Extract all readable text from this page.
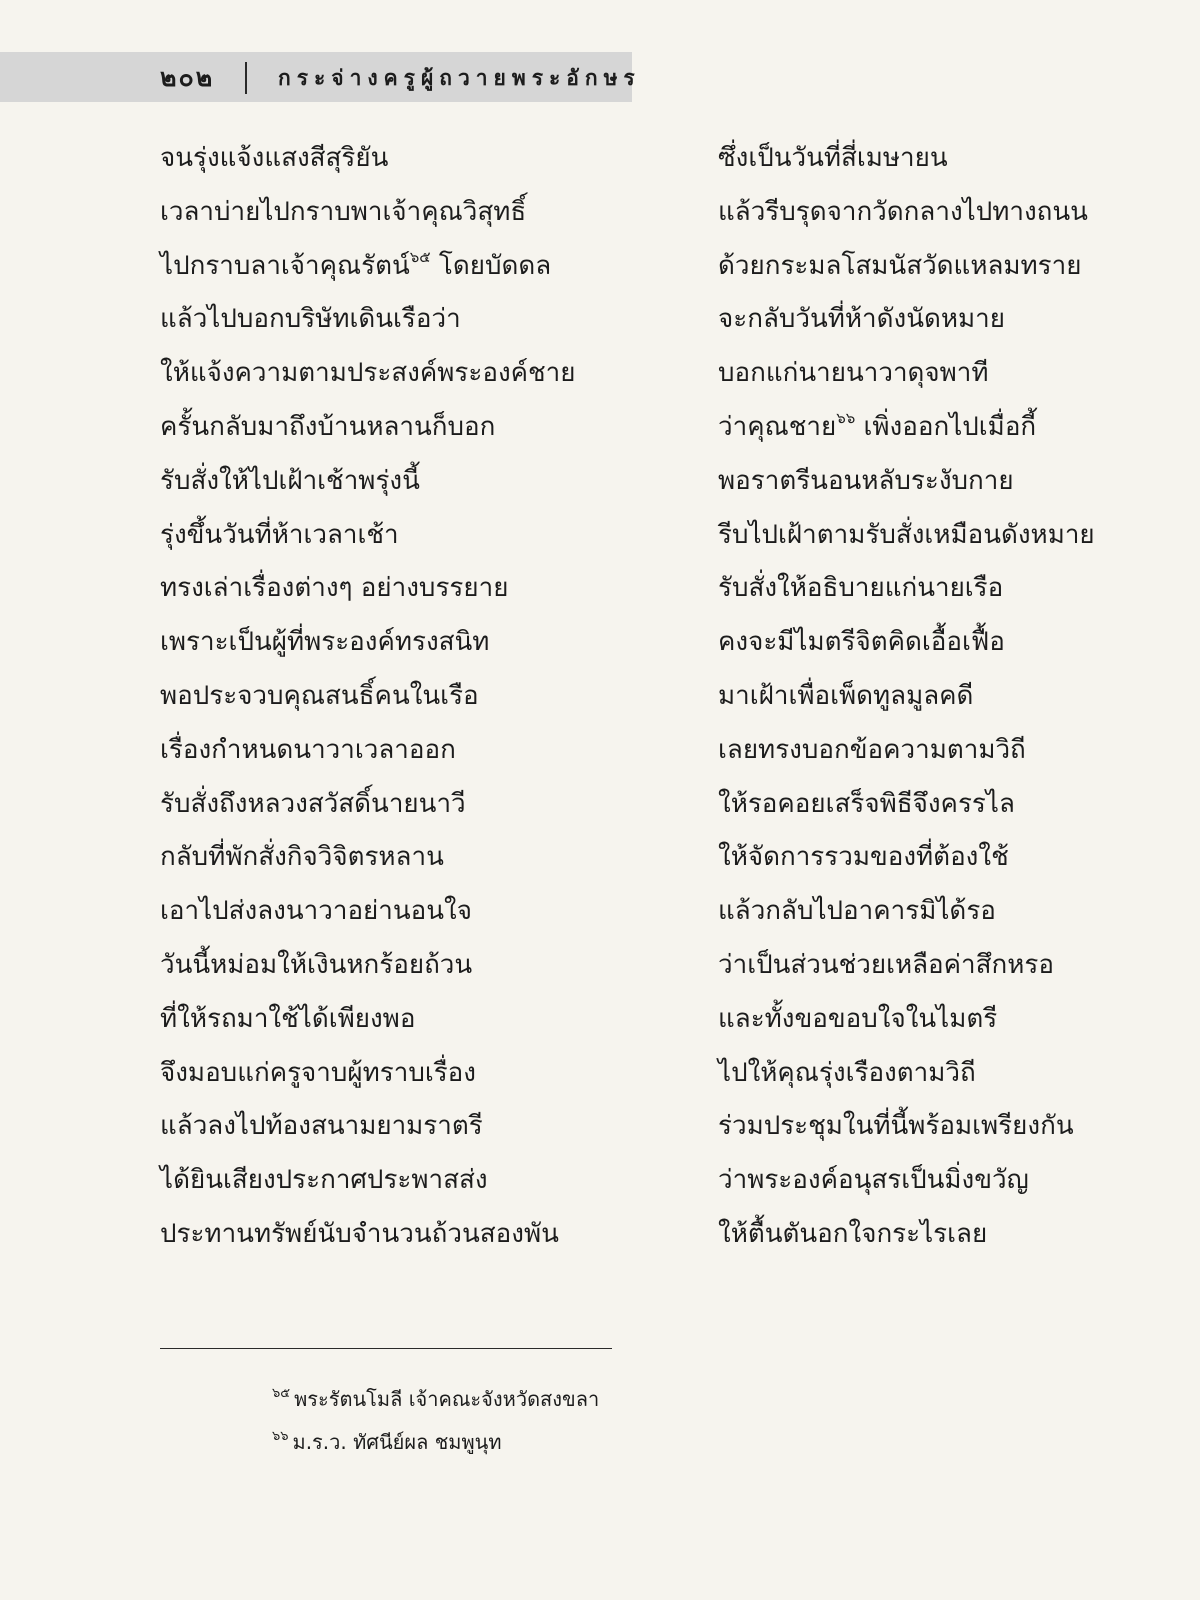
๒๐๒	กระจ่างครูผู้ถวายพระอักษร
จนรุ่งแจ้งแสงสีสุริยัน
เวลาบ่ายไปกราบพาเจ้าคุณวิสุทธิ์
ไปกราบลาเจ้าคุณรัตน์$^{๖๕}$ โดยบัดดล
แล้วไปบอกบริษัทเดินเรือว่า
ให้แจ้งความตามประสงค์พระองค์ชาย
ครั้นกลับมาถึงบ้านหลานก็บอก
รับสั่งให้ไปเฝ้าเช้าพรุ่งนี้
รุ่งขึ้นวันที่ห้าเวลาเช้า
ทรงเล่าเรื่องต่างๆ อย่างบรรยาย
เพราะเป็นผู้ที่พระองค์ทรงสนิท
พอประจวบคุณสนธิ์คนในเรือ
เรื่องกำหนดนาวาเวลาออก
รับสั่งถึงหลวงสวัสดิ์นายนาวี
กลับที่พักสั่งกิจวิจิตรหลาน
เอาไปส่งลงนาวาอย่านอนใจ
วันนี้หม่อมให้เงินหกร้อยถ้วน
ที่ให้รถมาใช้ได้เพียงพอ
จึงมอบแก่ครูจาบผู้ทราบเรื่อง
แล้วลงไปท้องสนามยามราตรี
ได้ยินเสียงประกาศประพาสส่ง
ประทานทรัพย์นับจำนวนถ้วนสองพัน
ซึ่งเป็นวันที่สี่เมษายน
แล้วรีบรุดจากวัดกลางไปทางถนน
ด้วยกระมลโสมนัสวัดแหลมทราย
จะกลับวันที่ห้าดังนัดหมาย
บอกแก่นายนาวาดุจพาที
ว่าคุณชาย$^{๖๖}$ เพิ่งออกไปเมื่อกี้
พอราตรีนอนหลับระงับกาย
รีบไปเฝ้าตามรับสั่งเหมือนดังหมาย
รับสั่งให้อธิบายแก่นายเรือ
คงจะมีไมตรีจิตคิดเอื้อเฟื้อ
มาเฝ้าเพื่อเพ็ดทูลมูลคดี
เลยทรงบอกข้อความตามวิถี
ให้รอคอยเสร็จพิธีจึงครรไล
ให้จัดการรวมของที่ต้องใช้
แล้วกลับไปอาคารมิได้รอ
ว่าเป็นส่วนช่วยเหลือค่าสึกหรอ
และทั้งขอขอบใจในไมตรี
ไปให้คุณรุ่งเรืองตามวิถี
ร่วมประชุมในที่นี้พร้อมเพรียงกัน
ว่าพระองค์อนุสรเป็นมิ่งขวัญ
ให้ตื้นตันอกใจกระไรเลย
$^{๖๕}$ พระรัตนโมลี เจ้าคณะจังหวัดสงขลา
$^{๖๖}$ ม.ร.ว. ทัศนีย์ผล ชมพูนุท
